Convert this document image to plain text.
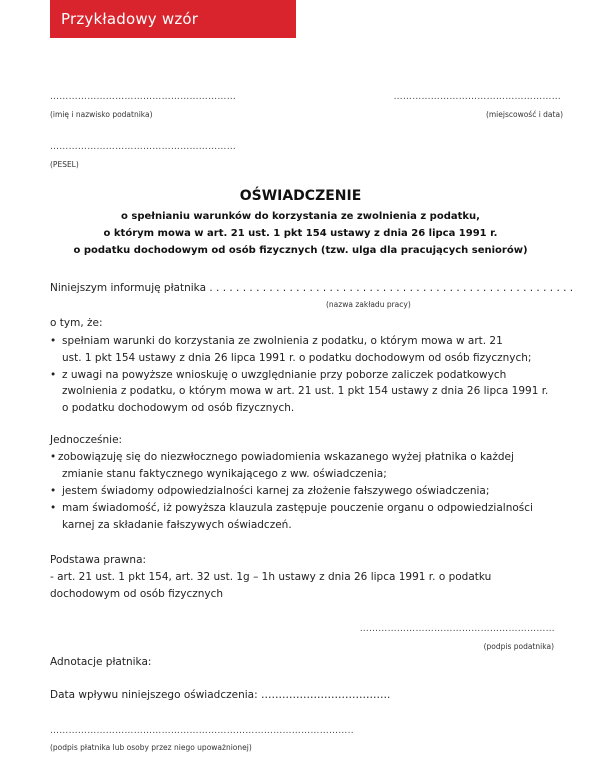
Przykładowy wzór oświadczenia
……………………………………………………
(imię i nazwisko podatnika)
………………………………………………
(miejscowość i data)
……………………………………………………
(PESEL)
OŚWIADCZENIE
o spełnianiu warunków do korzystania ze zwolnienia z podatku,
o którym mowa w art. 21 ust. 1 pkt 154 ustawy z dnia 26 lipca 1991 r.
o podatku dochodowym od osób fizycznych (tzw. ulga dla pracujących seniorów)
Niniejszym informuję płatnika . . . . . . . . . . . . . . . . . . . . . . . . . . . . . . . . . . . . . . . . . . . . . . . . . . . . . . .
(nazwa zakładu pracy)
o tym, że:
• spełniam warunki do korzystania ze zwolnienia z podatku, o którym mowa w art. 21
ust. 1 pkt 154 ustawy z dnia 26 lipca 1991 r. o podatku dochodowym od osób fizycznych;
• z uwagi na powyższe wnioskuję o uwzględnianie przy poborze zaliczek podatkowych
zwolnienia z podatku, o którym mowa w art. 21 ust. 1 pkt 154 ustawy z dnia 26 lipca 1991 r.
o podatku dochodowym od osób fizycznych.
Jednocześnie:
• zobowiązuję się do niezwłocznego powiadomienia wskazanego wyżej płatnika o każdej
zmianie stanu faktycznego wynikającego z ww. oświadczenia;
• jestem świadomy odpowiedzialności karnej za złożenie fałszywego oświadczenia;
• mam świadomość, iż powyższa klauzula zastępuje pouczenie organu o odpowiedzialności
karnej za składanie fałszywych oświadczeń.
Podstawa prawna:
- art. 21 ust. 1 pkt 154, art. 32 ust. 1g – 1h ustawy z dnia 26 lipca 1991 r. o podatku
dochodowym od osób fizycznych
………………………………………………………
(podpis podatnika)
Adnotacje płatnika:
Data wpływu niniejszego oświadczenia: ……………………………….
……………………………………………………………………………………..
(podpis płatnika lub osoby przez niego upoważnionej)
